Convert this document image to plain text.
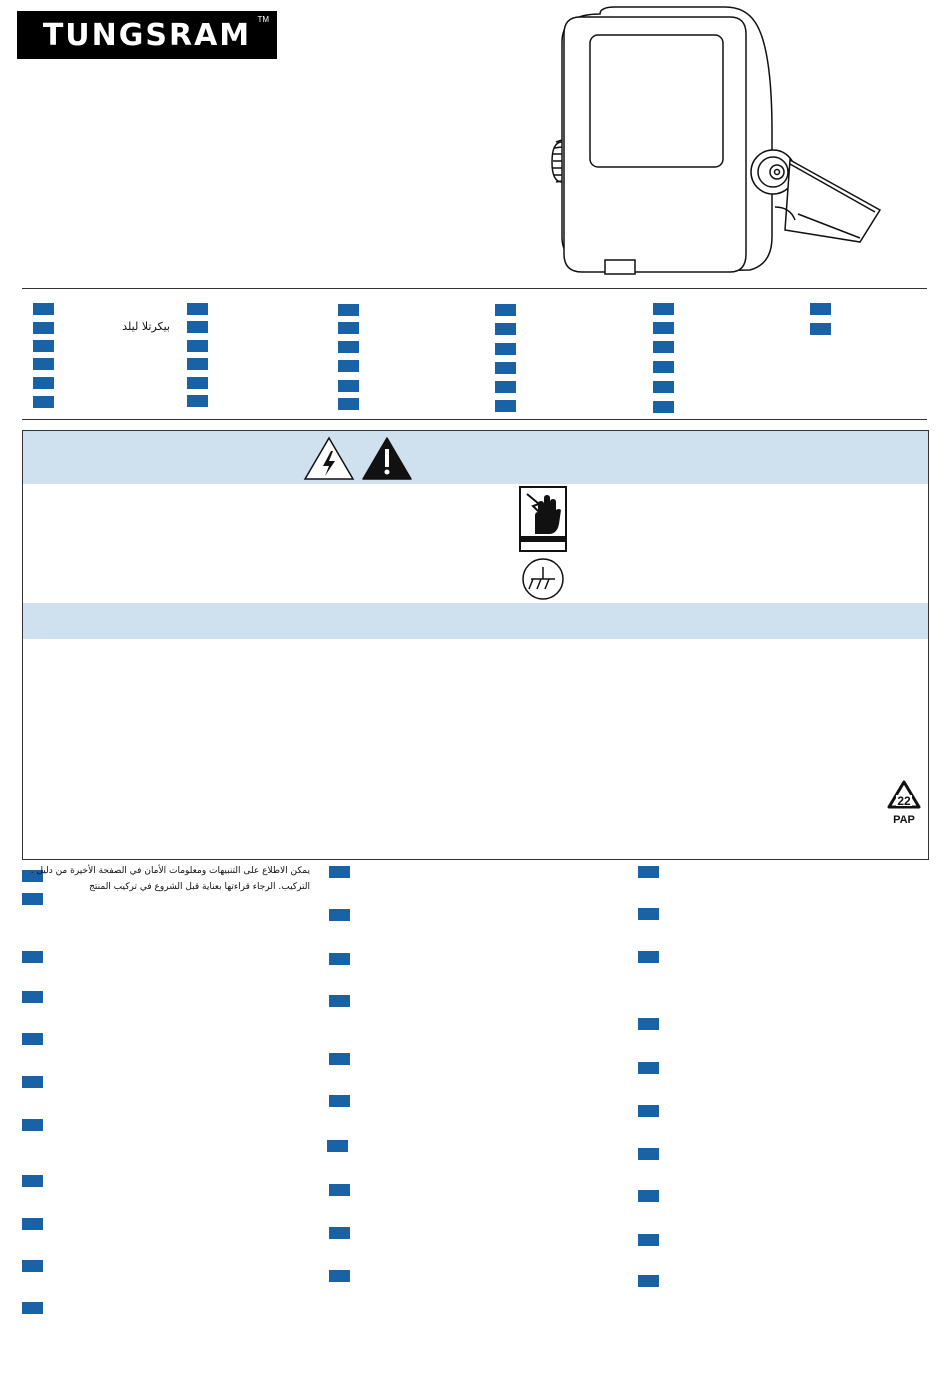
TUNGSRAM TM
بيكرتلا ليلد
22
PAP
يمكن الاطلاع على التنبيهات ومعلومات الأمان في الصفحة الأخيرة من دليل .
التركيب. الرجاء قراءتها بعناية قبل الشروع في تركيب المنتج
